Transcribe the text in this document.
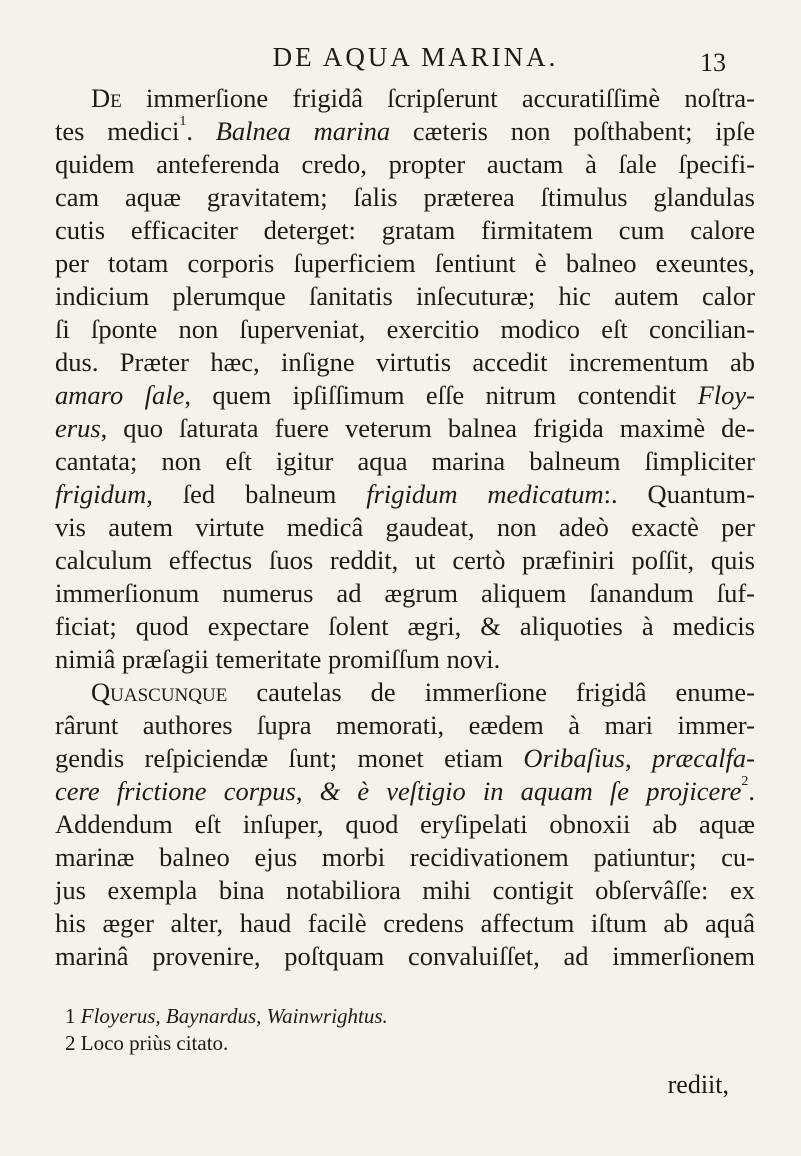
DE AQUA MARINA.	13
De immerſione frigidâ ſcripſerunt accuratiſſimè noſtra-
tes medici$^1$. Balnea marina cæteris non poſthabent; ipſe
quidem anteferenda credo, propter auctam à ſale ſpecifi-
cam aquæ gravitatem; ſalis præterea ſtimulus glandulas
cutis efficaciter deterget: gratam firmitatem cum calore
per totam corporis ſuperficiem ſentiunt è balneo exeuntes,
indicium plerumque ſanitatis inſecuturæ; hic autem calor
ſi ſponte non ſuperveniat, exercitio modico eſt concilian-
dus. Præter hæc, inſigne virtutis accedit incrementum ab
amaro ſale, quem ipſiſſimum eſſe nitrum contendit Floy-
erus, quo ſaturata fuere veterum balnea frigida maximè de-
cantata; non eſt igitur aqua marina balneum ſimpliciter
frigidum, ſed balneum frigidum medicatum:. Quantum-
vis autem virtute medicâ gaudeat, non adeò exactè per
calculum effectus ſuos reddit, ut certò præfiniri poſſit, quis
immerſionum numerus ad ægrum aliquem ſanandum ſuf-
ficiat; quod expectare ſolent ægri, & aliquoties à medicis
nimiâ præſagii temeritate promiſſum novi.
Quascunque cautelas de immerſione frigidâ enume-
rârunt authores ſupra memorati, eædem à mari immer-
gendis reſpiciendæ ſunt; monet etiam Oribaſius, præcalfa-
cere frictione corpus, & è veſtigio in aquam ſe projicere$^2$.
Addendum eſt inſuper, quod eryſipelati obnoxii ab aquæ
marinæ balneo ejus morbi recidivationem patiuntur; cu-
jus exempla bina notabiliora mihi contigit obſervâſſe: ex
his æger alter, haud facilè credens affectum iſtum ab aquâ
marinâ provenire, poſtquam convaluiſſet, ad immerſionem
1 Floyerus, Baynardus, Wainwrightus.
2 Loco priùs citato.
rediit,
